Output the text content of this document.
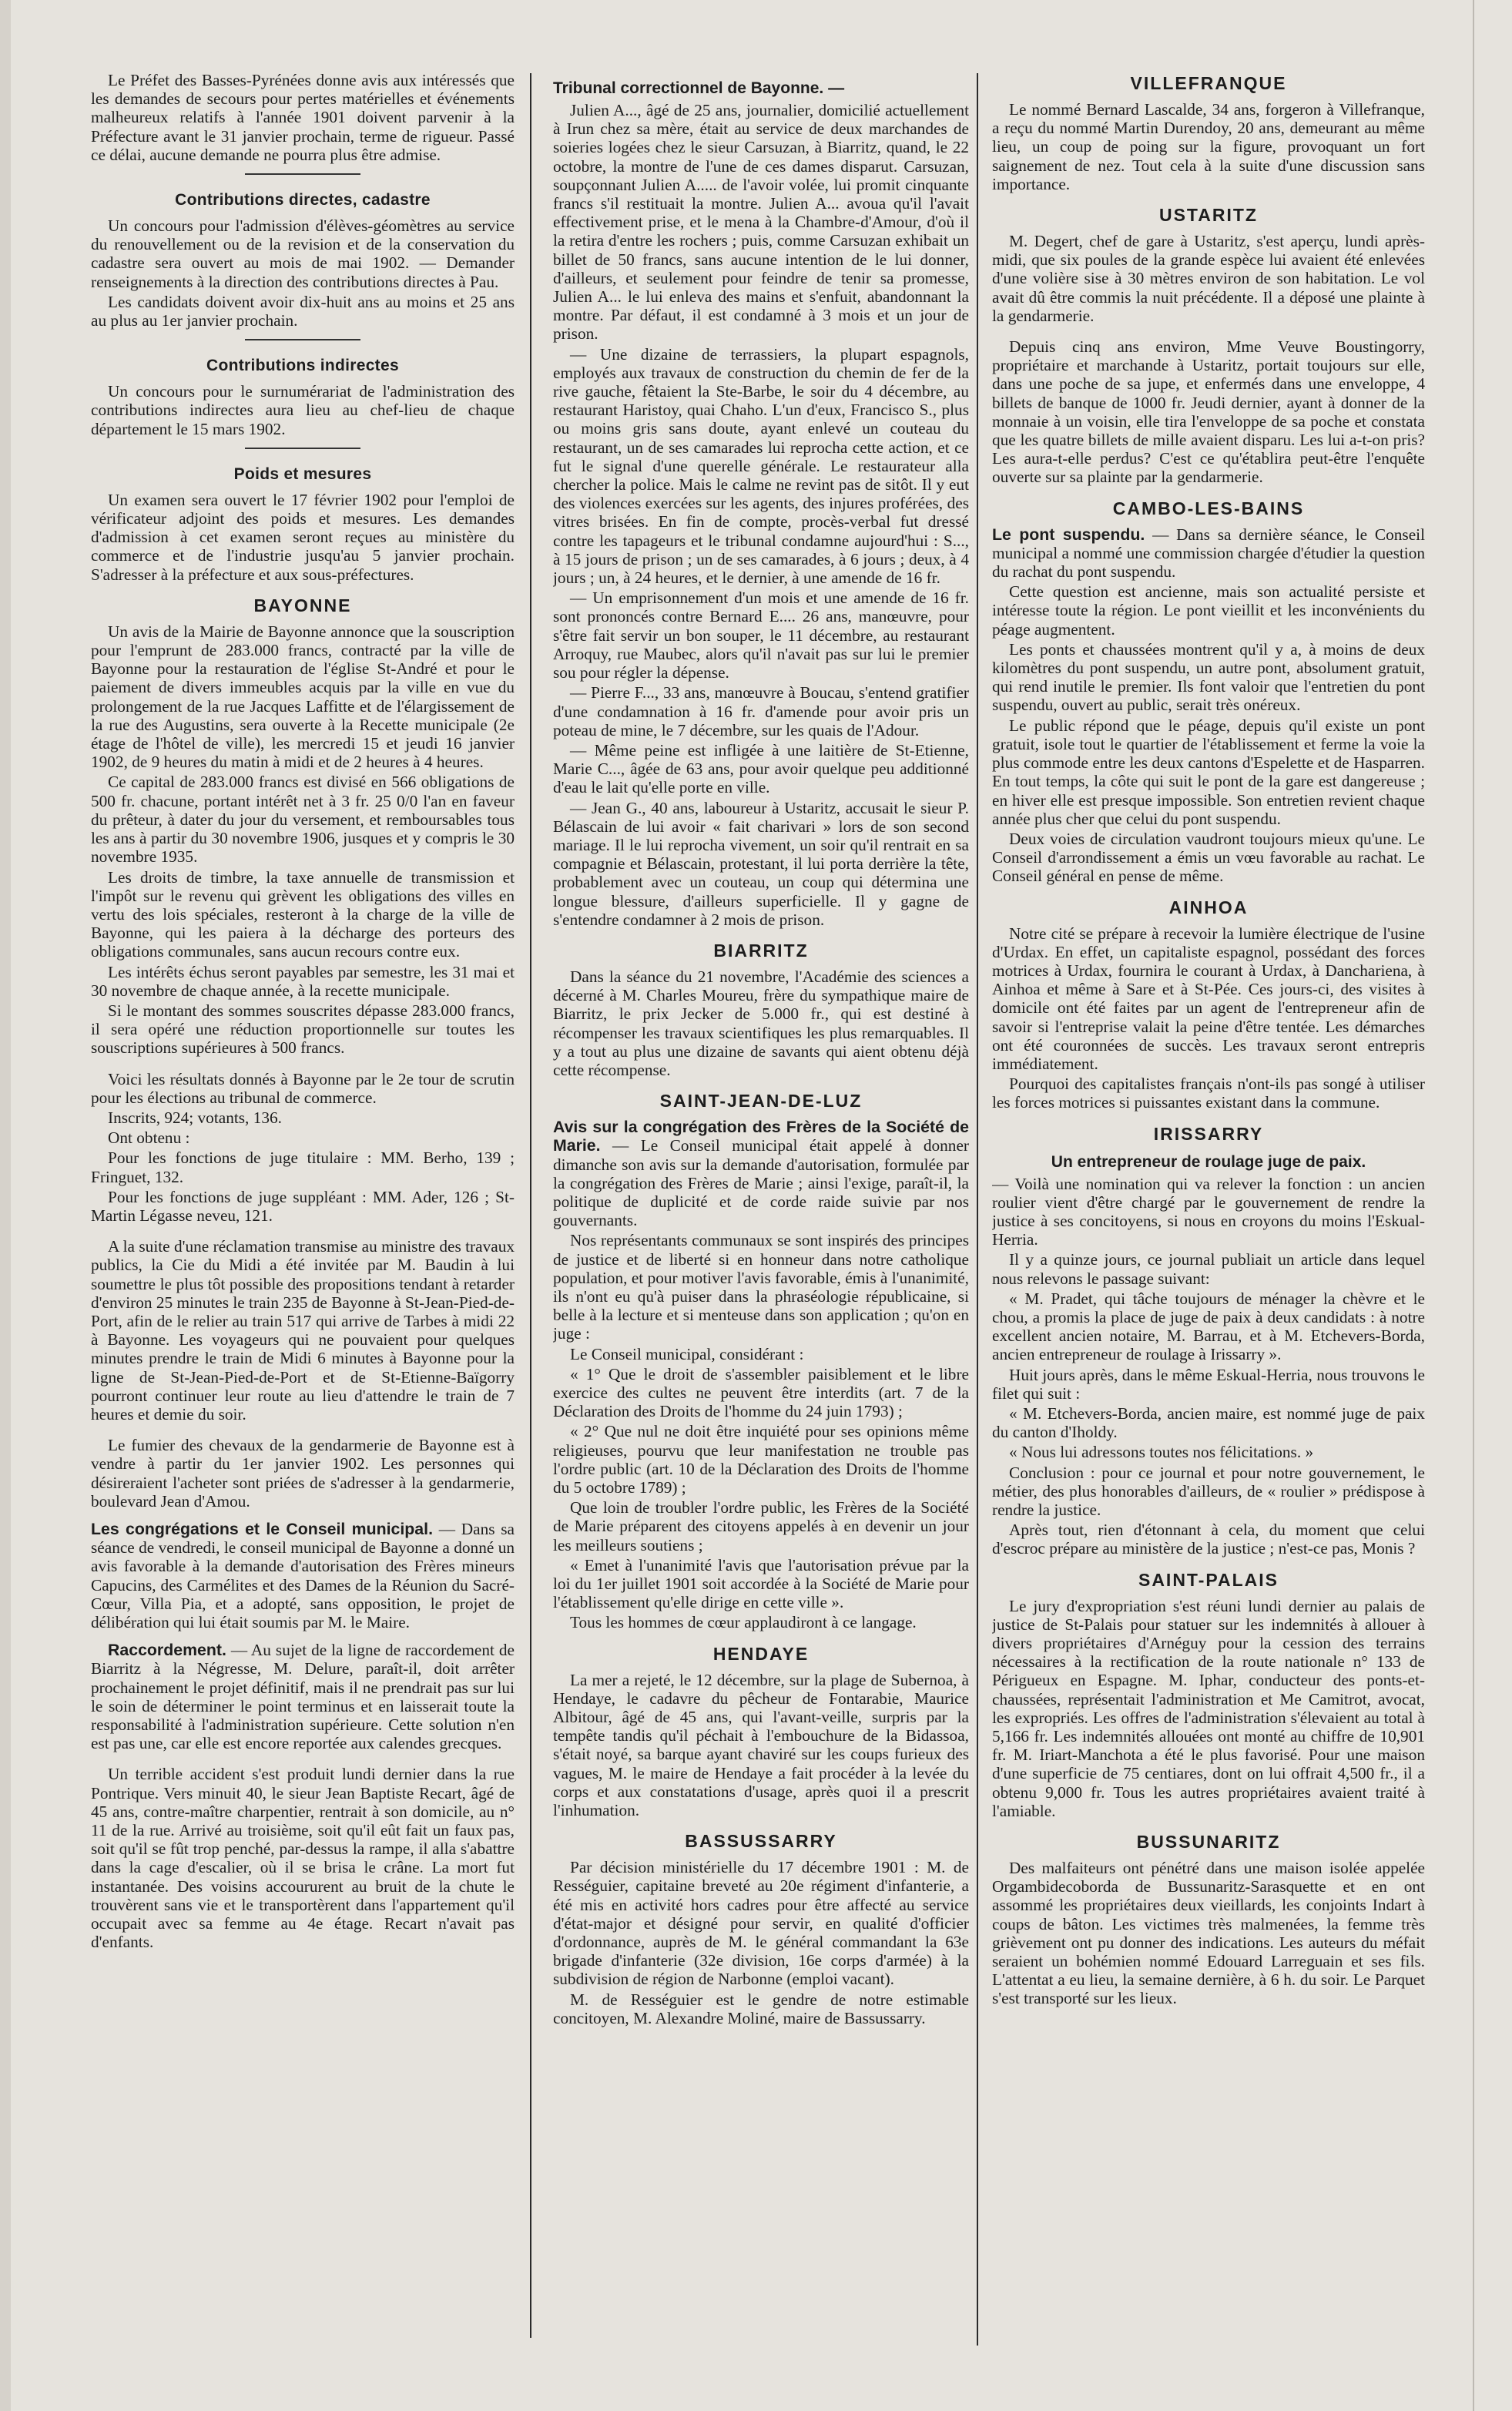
Le Préfet des Basses-Pyrénées donne avis aux intéressés que les demandes de secours pour pertes matérielles et événements malheureux relatifs à l'année 1901 doivent parvenir à la Préfecture avant le 31 janvier prochain, terme de rigueur. Passé ce délai, aucune demande ne pourra plus être admise.

Contributions directes, cadastre

Un concours pour l'admission d'élèves-géomètres au service du renouvellement ou de la revision et de la conservation du cadastre sera ouvert au mois de mai 1902. — Demander renseignements à la direction des contributions directes à Pau.

Les candidats doivent avoir dix-huit ans au moins et 25 ans au plus au 1er janvier prochain.

Contributions indirectes

Un concours pour le surnumérariat de l'administration des contributions indirectes aura lieu au chef-lieu de chaque département le 15 mars 1902.

Poids et mesures

Un examen sera ouvert le 17 février 1902 pour l'emploi de vérificateur adjoint des poids et mesures. Les demandes d'admission à cet examen seront reçues au ministère du commerce et de l'industrie jusqu'au 5 janvier prochain. S'adresser à la préfecture et aux sous-préfectures.

BAYONNE

Un avis de la Mairie de Bayonne annonce que la souscription pour l'emprunt de 283.000 francs, contracté par la ville de Bayonne pour la restauration de l'église St-André et pour le paiement de divers immeubles acquis par la ville en vue du prolongement de la rue Jacques Laffitte et de l'élargissement de la rue des Augustins, sera ouverte à la Recette municipale (2e étage de l'hôtel de ville), les mercredi 15 et jeudi 16 janvier 1902, de 9 heures du matin à midi et de 2 heures à 4 heures.

Ce capital de 283.000 francs est divisé en 566 obligations de 500 fr. chacune, portant intérêt net à 3 fr. 25 0/0 l'an en faveur du prêteur, à dater du jour du versement, et remboursables tous les ans à partir du 30 novembre 1906, jusques et y compris le 30 novembre 1935.

Les droits de timbre, la taxe annuelle de transmission et l'impôt sur le revenu qui grèvent les obligations des villes en vertu des lois spéciales, resteront à la charge de la ville de Bayonne, qui les paiera à la décharge des porteurs des obligations communales, sans aucun recours contre eux.

Les intérêts échus seront payables par semestre, les 31 mai et 30 novembre de chaque année, à la recette municipale.

Si le montant des sommes souscrites dépasse 283.000 francs, il sera opéré une réduction proportionnelle sur toutes les souscriptions supérieures à 500 francs.

Voici les résultats donnés à Bayonne par le 2e tour de scrutin pour les élections au tribunal de commerce.

Inscrits, 924; votants, 136.

Ont obtenu :

Pour les fonctions de juge titulaire : MM. Berho, 139 ; Fringuet, 132.

Pour les fonctions de juge suppléant : MM. Ader, 126 ; St-Martin Légasse neveu, 121.

A la suite d'une réclamation transmise au ministre des travaux publics, la Cie du Midi a été invitée par M. Baudin à lui soumettre le plus tôt possible des propositions tendant à retarder d'environ 25 minutes le train 235 de Bayonne à St-Jean-Pied-de-Port, afin de le relier au train 517 qui arrive de Tarbes à midi 22 à Bayonne. Les voyageurs qui ne pouvaient pour quelques minutes prendre le train de Midi 6 minutes à Bayonne pour la ligne de St-Jean-Pied-de-Port et de St-Etienne-Baïgorry pourront continuer leur route au lieu d'attendre le train de 7 heures et demie du soir.

Le fumier des chevaux de la gendarmerie de Bayonne est à vendre à partir du 1er janvier 1902. Les personnes qui désireraient l'acheter sont priées de s'adresser à la gendarmerie, boulevard Jean d'Amou.

Les congrégations et le Conseil municipal. — Dans sa séance de vendredi, le conseil municipal de Bayonne a donné un avis favorable à la demande d'autorisation des Frères mineurs Capucins, des Carmélites et des Dames de la Réunion du Sacré-Cœur, Villa Pia, et a adopté, sans opposition, le projet de délibération qui lui était soumis par M. le Maire.

Raccordement. — Au sujet de la ligne de raccordement de Biarritz à la Négresse, M. Delure, paraît-il, doit arrêter prochainement le projet définitif, mais il ne prendrait pas sur lui le soin de déterminer le point terminus et en laisserait toute la responsabilité à l'administration supérieure. Cette solution n'en est pas une, car elle est encore reportée aux calendes grecques.

Un terrible accident s'est produit lundi dernier dans la rue Pontrique. Vers minuit 40, le sieur Jean Baptiste Recart, âgé de 45 ans, contre-maître charpentier, rentrait à son domicile, au n° 11 de la rue. Arrivé au troisième, soit qu'il eût fait un faux pas, soit qu'il se fût trop penché, par-dessus la rampe, il alla s'abattre dans la cage d'escalier, où il se brisa le crâne. La mort fut instantanée. Des voisins accoururent au bruit de la chute le trouvèrent sans vie et le transportèrent dans l'appartement qu'il occupait avec sa femme au 4e étage. Recart n'avait pas d'enfants.

Tribunal correctionnel de Bayonne. —

Julien A..., âgé de 25 ans, journalier, domicilié actuellement à Irun chez sa mère, était au service de deux marchandes de soieries logées chez le sieur Carsuzan, à Biarritz, quand, le 22 octobre, la montre de l'une de ces dames disparut. Carsuzan, soupçonnant Julien A..... de l'avoir volée, lui promit cinquante francs s'il restituait la montre. Julien A... avoua qu'il l'avait effectivement prise, et le mena à la Chambre-d'Amour, d'où il la retira d'entre les rochers ; puis, comme Carsuzan exhibait un billet de 50 francs, sans aucune intention de le lui donner, d'ailleurs, et seulement pour feindre de tenir sa promesse, Julien A... le lui enleva des mains et s'enfuit, abandonnant la montre. Par défaut, il est condamné à 3 mois et un jour de prison.

— Une dizaine de terrassiers, la plupart espagnols, employés aux travaux de construction du chemin de fer de la rive gauche, fêtaient la Ste-Barbe, le soir du 4 décembre, au restaurant Haristoy, quai Chaho. L'un d'eux, Francisco S., plus ou moins gris sans doute, ayant enlevé un couteau du restaurant, un de ses camarades lui reprocha cette action, et ce fut le signal d'une querelle générale. Le restaurateur alla chercher la police. Mais le calme ne revint pas de sitôt. Il y eut des violences exercées sur les agents, des injures proférées, des vitres brisées. En fin de compte, procès-verbal fut dressé contre les tapageurs et le tribunal condamne aujourd'hui : S..., à 15 jours de prison ; un de ses camarades, à 6 jours ; deux, à 4 jours ; un, à 24 heures, et le dernier, à une amende de 16 fr.

— Un emprisonnement d'un mois et une amende de 16 fr. sont prononcés contre Bernard E.... 26 ans, manœuvre, pour s'être fait servir un bon souper, le 11 décembre, au restaurant Arroquy, rue Maubec, alors qu'il n'avait pas sur lui le premier sou pour régler la dépense.

— Pierre F..., 33 ans, manœuvre à Boucau, s'entend gratifier d'une condamnation à 16 fr. d'amende pour avoir pris un poteau de mine, le 7 décembre, sur les quais de l'Adour.

— Même peine est infligée à une laitière de St-Etienne, Marie C..., âgée de 63 ans, pour avoir quelque peu additionné d'eau le lait qu'elle porte en ville.

— Jean G., 40 ans, laboureur à Ustaritz, accusait le sieur P. Bélascain de lui avoir « fait charivari » lors de son second mariage. Il le lui reprocha vivement, un soir qu'il rentrait en sa compagnie et Bélascain, protestant, il lui porta derrière la tête, probablement avec un couteau, un coup qui détermina une longue blessure, d'ailleurs superficielle. Il y gagne de s'entendre condamner à 2 mois de prison.

BIARRITZ

Dans la séance du 21 novembre, l'Académie des sciences a décerné à M. Charles Moureu, frère du sympathique maire de Biarritz, le prix Jecker de 5.000 fr., qui est destiné à récompenser les travaux scientifiques les plus remarquables. Il y a tout au plus une dizaine de savants qui aient obtenu déjà cette récompense.

SAINT-JEAN-DE-LUZ

Avis sur la congrégation des Frères de la Société de Marie. — Le Conseil municipal était appelé à donner dimanche son avis sur la demande d'autorisation, formulée par la congrégation des Frères de Marie ; ainsi l'exige, paraît-il, la politique de duplicité et de corde raide suivie par nos gouvernants.

Nos représentants communaux se sont inspirés des principes de justice et de liberté si en honneur dans notre catholique population, et pour motiver l'avis favorable, émis à l'unanimité, ils n'ont eu qu'à puiser dans la phraséologie républicaine, si belle à la lecture et si menteuse dans son application ; qu'on en juge :

Le Conseil municipal, considérant :

« 1° Que le droit de s'assembler paisiblement et le libre exercice des cultes ne peuvent être interdits (art. 7 de la Déclaration des Droits de l'homme du 24 juin 1793) ;

« 2° Que nul ne doit être inquiété pour ses opinions même religieuses, pourvu que leur manifestation ne trouble pas l'ordre public (art. 10 de la Déclaration des Droits de l'homme du 5 octobre 1789) ;

Que loin de troubler l'ordre public, les Frères de la Société de Marie préparent des citoyens appelés à en devenir un jour les meilleurs soutiens ;

« Emet à l'unanimité l'avis que l'autorisation prévue par la loi du 1er juillet 1901 soit accordée à la Société de Marie pour l'établissement qu'elle dirige en cette ville ».

Tous les hommes de cœur applaudiront à ce langage.

HENDAYE

La mer a rejeté, le 12 décembre, sur la plage de Subernoa, à Hendaye, le cadavre du pêcheur de Fontarabie, Maurice Albitour, âgé de 45 ans, qui l'avant-veille, surpris par la tempête tandis qu'il péchait à l'embouchure de la Bidassoa, s'était noyé, sa barque ayant chaviré sur les coups furieux des vagues, M. le maire de Hendaye a fait procéder à la levée du corps et aux constatations d'usage, après quoi il a prescrit l'inhumation.

BASSUSSARRY

Par décision ministérielle du 17 décembre 1901 : M. de Rességuier, capitaine breveté au 20e régiment d'infanterie, a été mis en activité hors cadres pour être affecté au service d'état-major et désigné pour servir, en qualité d'officier d'ordonnance, auprès de M. le général commandant la 63e brigade d'infanterie (32e division, 16e corps d'armée) à la subdivision de région de Narbonne (emploi vacant).

M. de Rességuier est le gendre de notre estimable concitoyen, M. Alexandre Moliné, maire de Bassussarry.

VILLEFRANQUE

Le nommé Bernard Lascalde, 34 ans, forgeron à Villefranque, a reçu du nommé Martin Durendoy, 20 ans, demeurant au même lieu, un coup de poing sur la figure, provoquant un fort saignement de nez. Tout cela à la suite d'une discussion sans importance.

USTARITZ

M. Degert, chef de gare à Ustaritz, s'est aperçu, lundi après-midi, que six poules de la grande espèce lui avaient été enlevées d'une volière sise à 30 mètres environ de son habitation. Le vol avait dû être commis la nuit précédente. Il a déposé une plainte à la gendarmerie.

Depuis cinq ans environ, Mme Veuve Boustingorry, propriétaire et marchande à Ustaritz, portait toujours sur elle, dans une poche de sa jupe, et enfermés dans une enveloppe, 4 billets de banque de 1000 fr. Jeudi dernier, ayant à donner de la monnaie à un voisin, elle tira l'enveloppe de sa poche et constata que les quatre billets de mille avaient disparu. Les lui a-t-on pris? Les aura-t-elle perdus? C'est ce qu'établira peut-être l'enquête ouverte sur sa plainte par la gendarmerie.

CAMBO-LES-BAINS

Le pont suspendu. — Dans sa dernière séance, le Conseil municipal a nommé une commission chargée d'étudier la question du rachat du pont suspendu.

Cette question est ancienne, mais son actualité persiste et intéresse toute la région. Le pont vieillit et les inconvénients du péage augmentent.

Les ponts et chaussées montrent qu'il y a, à moins de deux kilomètres du pont suspendu, un autre pont, absolument gratuit, qui rend inutile le premier. Ils font valoir que l'entretien du pont suspendu, ouvert au public, serait très onéreux.

Le public répond que le péage, depuis qu'il existe un pont gratuit, isole tout le quartier de l'établissement et ferme la voie la plus commode entre les deux cantons d'Espelette et de Hasparren. En tout temps, la côte qui suit le pont de la gare est dangereuse ; en hiver elle est presque impossible. Son entretien revient chaque année plus cher que celui du pont suspendu.

Deux voies de circulation vaudront toujours mieux qu'une. Le Conseil d'arrondissement a émis un vœu favorable au rachat. Le Conseil général en pense de même.

AINHOA

Notre cité se prépare à recevoir la lumière électrique de l'usine d'Urdax. En effet, un capitaliste espagnol, possédant des forces motrices à Urdax, fournira le courant à Urdax, à Danchariena, à Ainhoa et même à Sare et à St-Pée. Ces jours-ci, des visites à domicile ont été faites par un agent de l'entrepreneur afin de savoir si l'entreprise valait la peine d'être tentée. Les démarches ont été couronnées de succès. Les travaux seront entrepris immédiatement.

Pourquoi des capitalistes français n'ont-ils pas songé à utiliser les forces motrices si puissantes existant dans la commune.

IRISSARRY
Un entrepreneur de roulage juge de paix.

— Voilà une nomination qui va relever la fonction : un ancien roulier vient d'être chargé par le gouvernement de rendre la justice à ses concitoyens, si nous en croyons du moins l'Eskual-Herria.

Il y a quinze jours, ce journal publiait un article dans lequel nous relevons le passage suivant:

« M. Pradet, qui tâche toujours de ménager la chèvre et le chou, a promis la place de juge de paix à deux candidats : à notre excellent ancien notaire, M. Barrau, et à M. Etchevers-Borda, ancien entrepreneur de roulage à Irissarry ».

Huit jours après, dans le même Eskual-Herria, nous trouvons le filet qui suit :

« M. Etchevers-Borda, ancien maire, est nommé juge de paix du canton d'Iholdy.

« Nous lui adressons toutes nos félicitations. »

Conclusion : pour ce journal et pour notre gouvernement, le métier, des plus honorables d'ailleurs, de « roulier » prédispose à rendre la justice.

Après tout, rien d'étonnant à cela, du moment que celui d'escroc prépare au ministère de la justice ; n'est-ce pas, Monis ?

SAINT-PALAIS

Le jury d'expropriation s'est réuni lundi dernier au palais de justice de St-Palais pour statuer sur les indemnités à allouer à divers propriétaires d'Arnéguy pour la cession des terrains nécessaires à la rectification de la route nationale n° 133 de Périgueux en Espagne. M. Iphar, conducteur des ponts-et-chaussées, représentait l'administration et Me Camitrot, avocat, les expropriés. Les offres de l'administration s'élevaient au total à 5,166 fr. Les indemnités allouées ont monté au chiffre de 10,901 fr. M. Iriart-Manchota a été le plus favorisé. Pour une maison d'une superficie de 75 centiares, dont on lui offrait 4,500 fr., il a obtenu 9,000 fr. Tous les autres propriétaires avaient traité à l'amiable.

BUSSUNARITZ

Des malfaiteurs ont pénétré dans une maison isolée appelée Orgambidecoborda de Bussunaritz-Sarasquette et en ont assommé les propriétaires deux vieillards, les conjoints Indart à coups de bâton. Les victimes très malmenées, la femme très grièvement ont pu donner des indications. Les auteurs du méfait seraient un bohémien nommé Edouard Larreguain et ses fils. L'attentat a eu lieu, la semaine dernière, à 6 h. du soir. Le Parquet s'est transporté sur les lieux.
